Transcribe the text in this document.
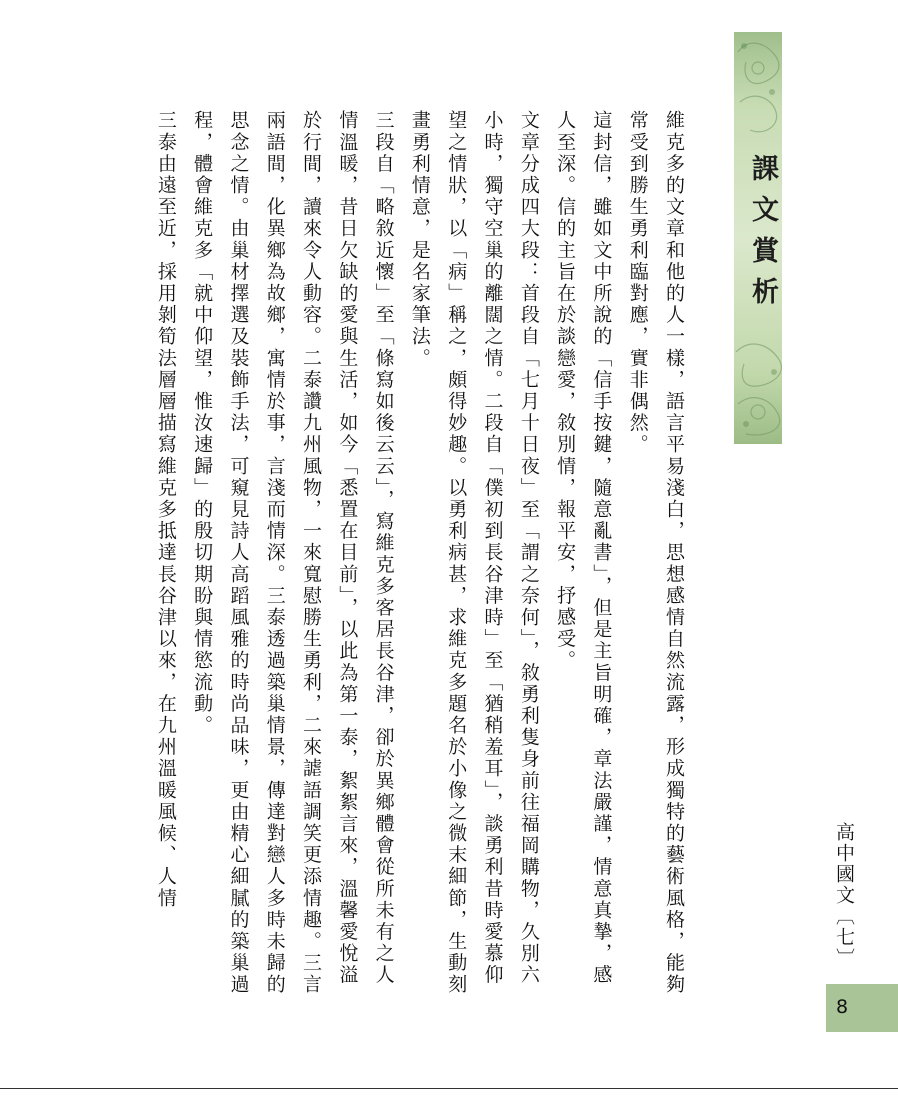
維克多的文章和他的人一樣，語言平易淺白，思想感情自然流露，形成獨特的藝術風格，能夠常受到勝生勇利臨對應，實非偶然。

這封信，雖如文中所說的「信手按鍵，隨意亂書」，但是主旨明確，章法嚴謹，情意真摯，感人至深。信的主旨在於談戀愛，敘別情，報平安，抒感受。

文章分成四大段：首段自「七月十日夜」至「謂之奈何」，敘勇利隻身前往福岡購物，久別六小時，獨守空巢的離闊之情。二段自「僕初到長谷津時」至「猶稍羞耳」，談勇利昔時愛慕仰望之情狀，以「病」稱之，頗得妙趣。以勇利病甚，求維克多題名於小像之微末細節，生動刻畫勇利情意，是名家筆法。

三段自「略敘近懷」至「條寫如後云云」，寫維克多客居長谷津，卻於異鄉體會從所未有之人情溫暖，昔日欠缺的愛與生活，如今「悉置在目前」，以此為第一泰，絮絮言來，溫馨愛悅溢於行間，讀來令人動容。二泰讚九州風物，一來寬慰勝生勇利，二來謔語調笑更添情趣。三言兩語間，化異鄉為故鄉，寓情於事，言淺而情深。三泰透過築巢情景，傳達對戀人多時未歸的思念之情。由巢材擇選及裝飾手法，可窺見詩人高蹈風雅的時尚品味，更由精心細膩的築巢過程，體會維克多「就中仰望，惟汝速歸」的殷切期盼與情慾流動。

三泰由遠至近，採用剝筍法層層描寫維克多抵達長谷津以來，在九州溫暖風候、人情	課文賞析
高中國文〔七〕
8
